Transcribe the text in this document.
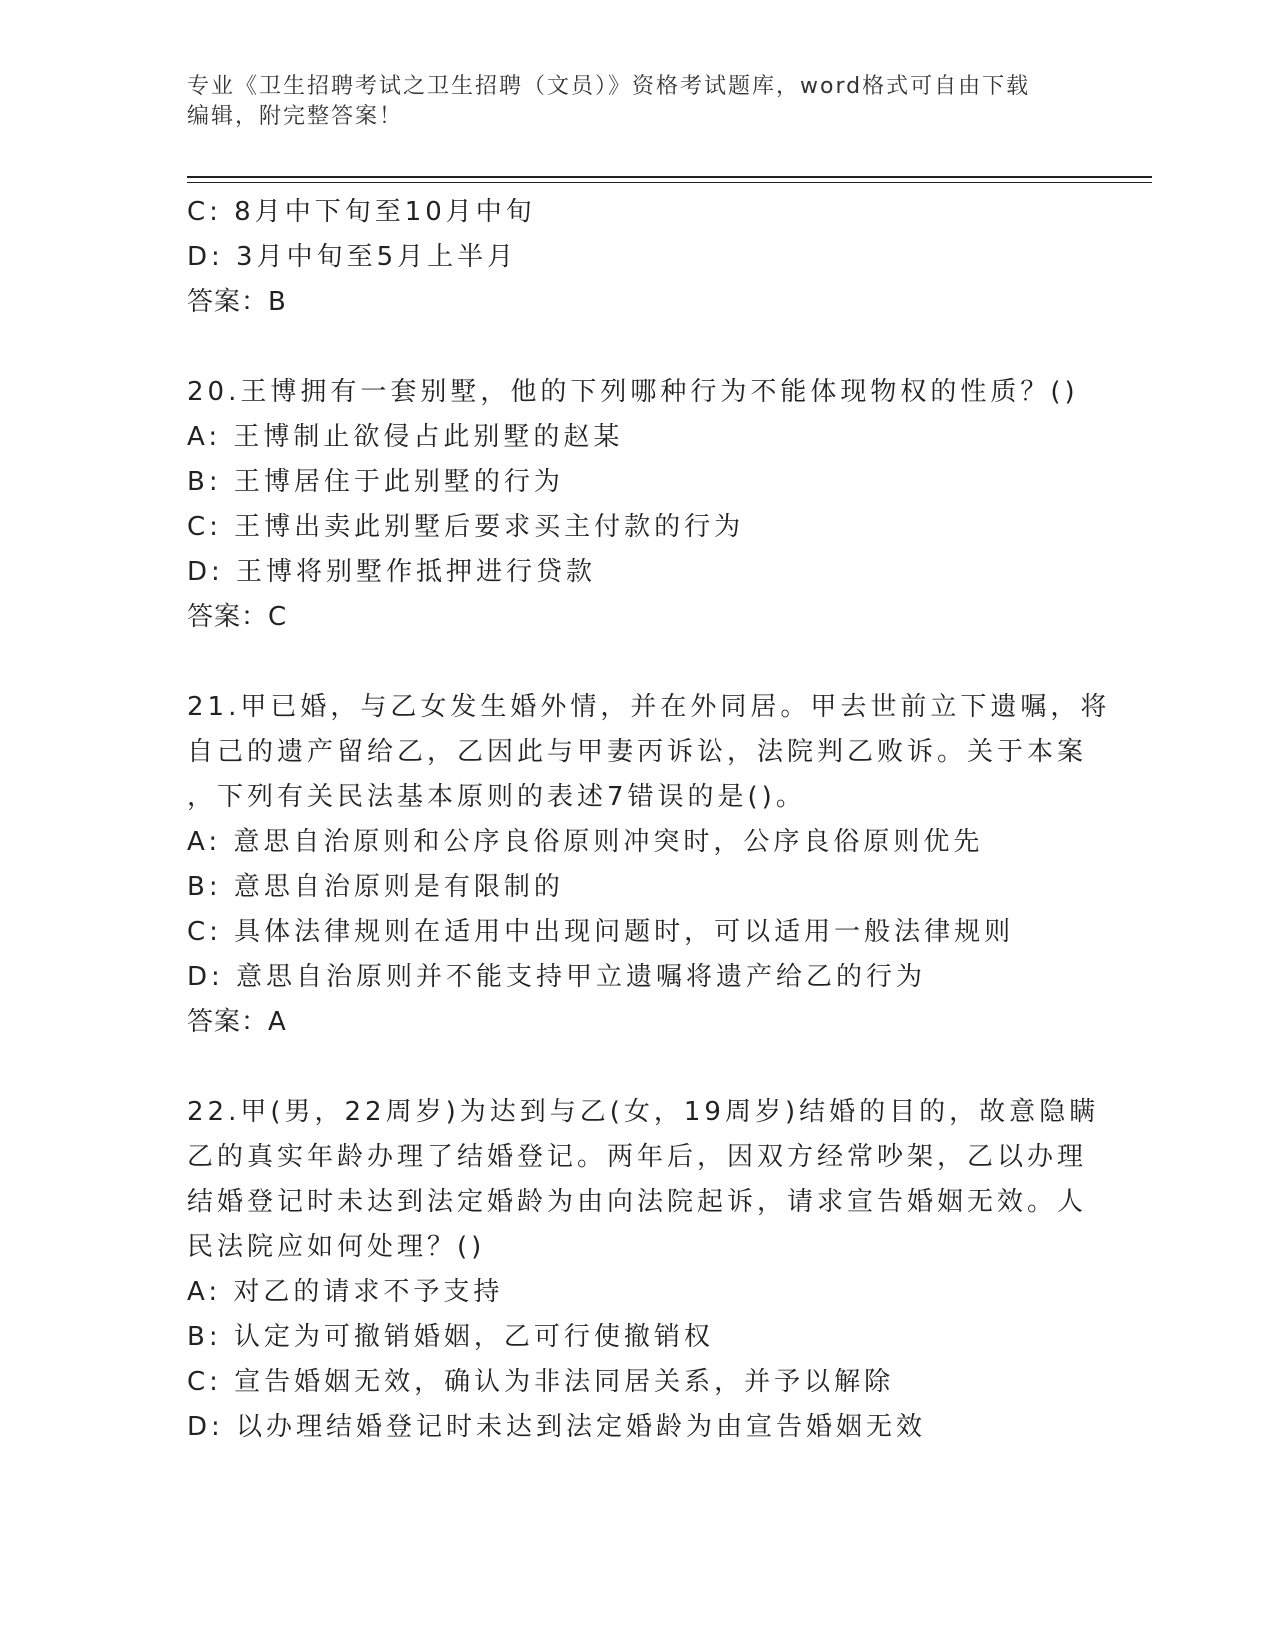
专业《卫生招聘考试之卫生招聘（文员）》资格考试题库，word格式可自由下载
编辑，附完整答案！
C: 8月中下旬至10月中旬
D: 3月中旬至5月上半月
答案：B
20.王博拥有一套别墅，他的下列哪种行为不能体现物权的性质？()
A: 王博制止欲侵占此别墅的赵某
B: 王博居住于此别墅的行为
C: 王博出卖此别墅后要求买主付款的行为
D: 王博将别墅作抵押进行贷款
答案：C
21.甲已婚，与乙女发生婚外情，并在外同居。甲去世前立下遗嘱，将
自己的遗产留给乙，乙因此与甲妻丙诉讼，法院判乙败诉。关于本案
，下列有关民法基本原则的表述7错误的是()。
A: 意思自治原则和公序良俗原则冲突时，公序良俗原则优先
B: 意思自治原则是有限制的
C: 具体法律规则在适用中出现问题时，可以适用一般法律规则
D: 意思自治原则并不能支持甲立遗嘱将遗产给乙的行为
答案：A
22.甲(男，22周岁)为达到与乙(女，19周岁)结婚的目的，故意隐瞒
乙的真实年龄办理了结婚登记。两年后，因双方经常吵架，乙以办理
结婚登记时未达到法定婚龄为由向法院起诉，请求宣告婚姻无效。人
民法院应如何处理？()
A: 对乙的请求不予支持
B: 认定为可撤销婚姻，乙可行使撤销权
C: 宣告婚姻无效，确认为非法同居关系，并予以解除
D: 以办理结婚登记时未达到法定婚龄为由宣告婚姻无效
